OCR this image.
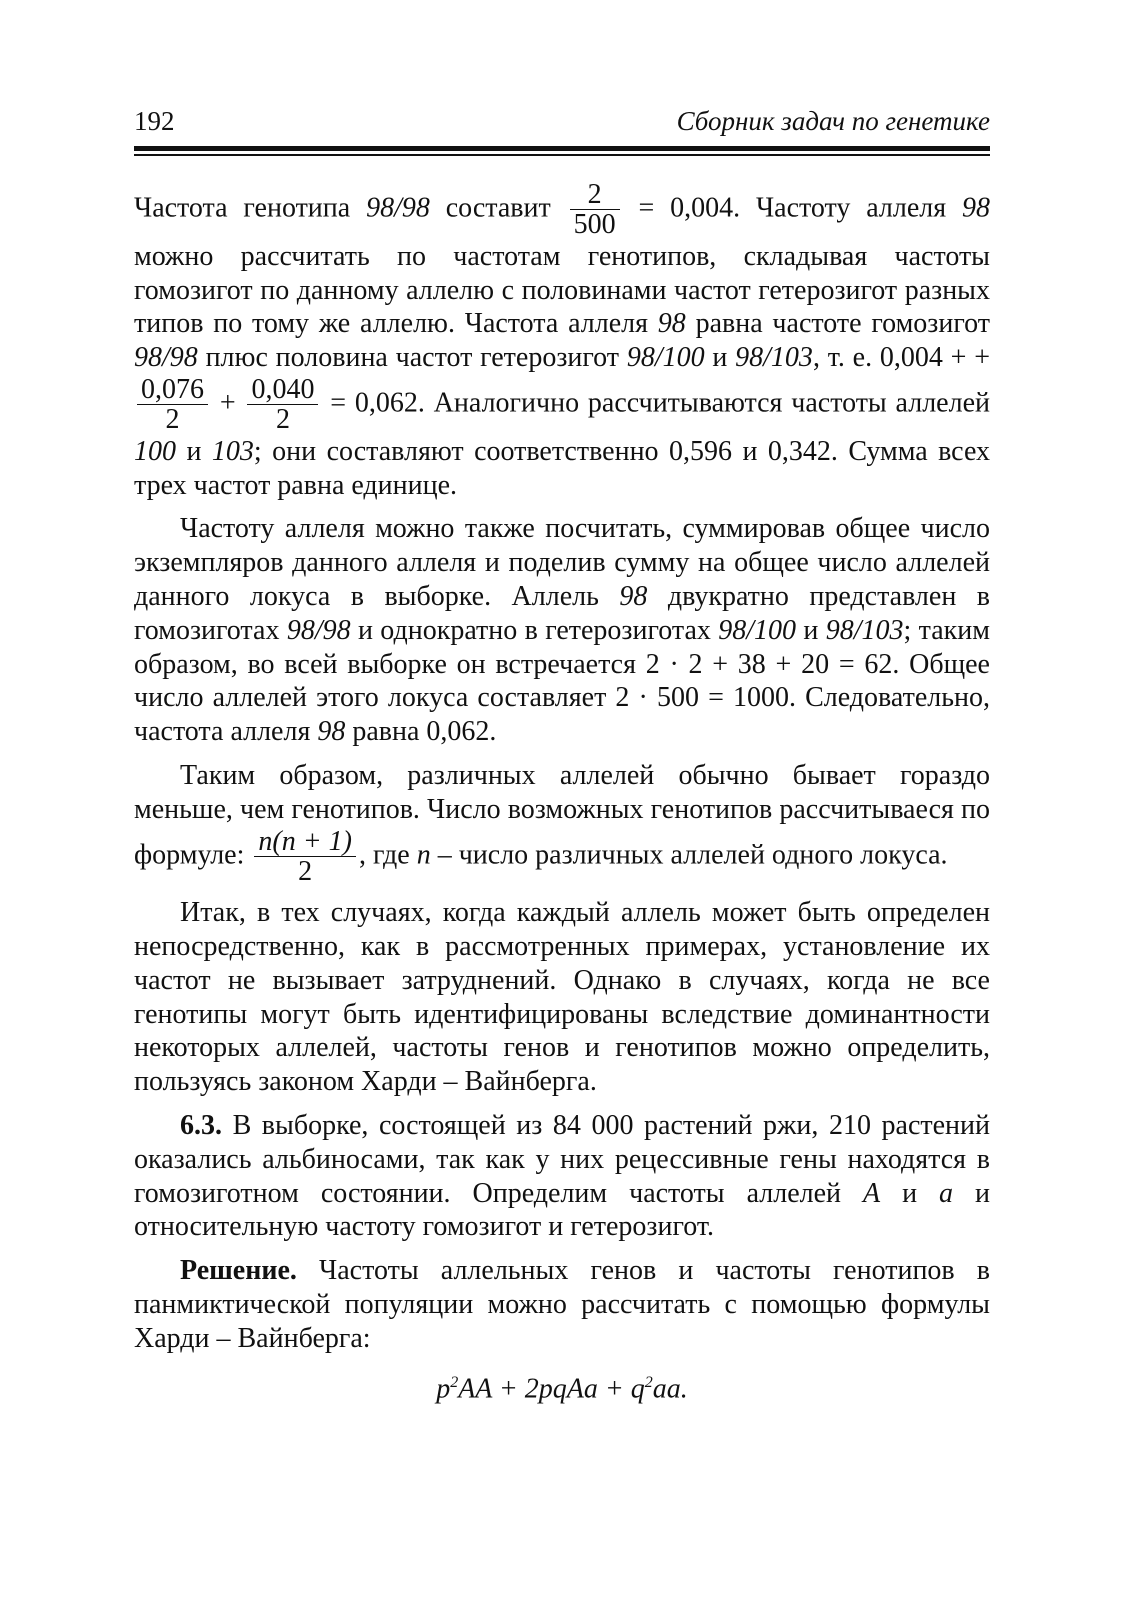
192	Сборник задач по генетике

Частота генотипа 98/98 составит $\frac{2}{500} = 0,004$. Частоту аллеля 98 можно рассчитать по частотам генотипов, складывая частоты гомозигот по данному аллелю с половинами частот гетерозигот разных типов по тому же аллелю. Частота аллеля 98 равна частоте гомозигот 98/98 плюс половина частот гетерозигот 98/100 и 98/103, т. е. 0,004 + +
$\frac{0,076}{2} + \frac{0,040}{2} = 0,062$. Аналогично рассчитываются частоты аллелей 100 и 103; они составляют соответственно 0,596 и 0,342. Сумма всех трех частот равна единице.

Частоту аллеля можно также посчитать, суммировав общее число экземпляров данного аллеля и поделив сумму на общее число аллелей данного локуса в выборке. Аллель 98 двукратно представлен в гомозиготах 98/98 и однократно в гетерозиготах 98/100 и 98/103; таким образом, во всей выборке он встречается 2 · 2 + 38 + 20 = 62. Общее число аллелей этого локуса составляет 2 · 500 = 1000. Следовательно, частота аллеля 98 равна 0,062.

Таким образом, различных аллелей обычно бывает гораздо меньше, чем генотипов. Число возможных генотипов рассчитываеся по формуле: $\frac{n(n + 1)}{2}$ , где n – число различных аллелей одного локуса.

Итак, в тех случаях, когда каждый аллель может быть определен непосредственно, как в рассмотренных примерах, установление их частот не вызывает затруднений. Однако в случаях, когда не все генотипы могут быть идентифицированы вследствие доминантности некоторых аллелей, частоты генов и генотипов можно определить, пользуясь законом Харди – Вайнберга.

6.3. В выборке, состоящей из 84 000 растений ржи, 210 растений оказались альбиносами, так как у них рецессивные гены находятся в гомозиготном состоянии. Определим частоты аллелей А и а и относительную частоту гомозигот и гетерозигот.

Решение. Частоты аллельных генов и частоты генотипов в панмиктической популяции можно рассчитать с помощью формулы Харди – Вайнберга:

$p^2AA$ + 2pqAa + $q^2aa$.
